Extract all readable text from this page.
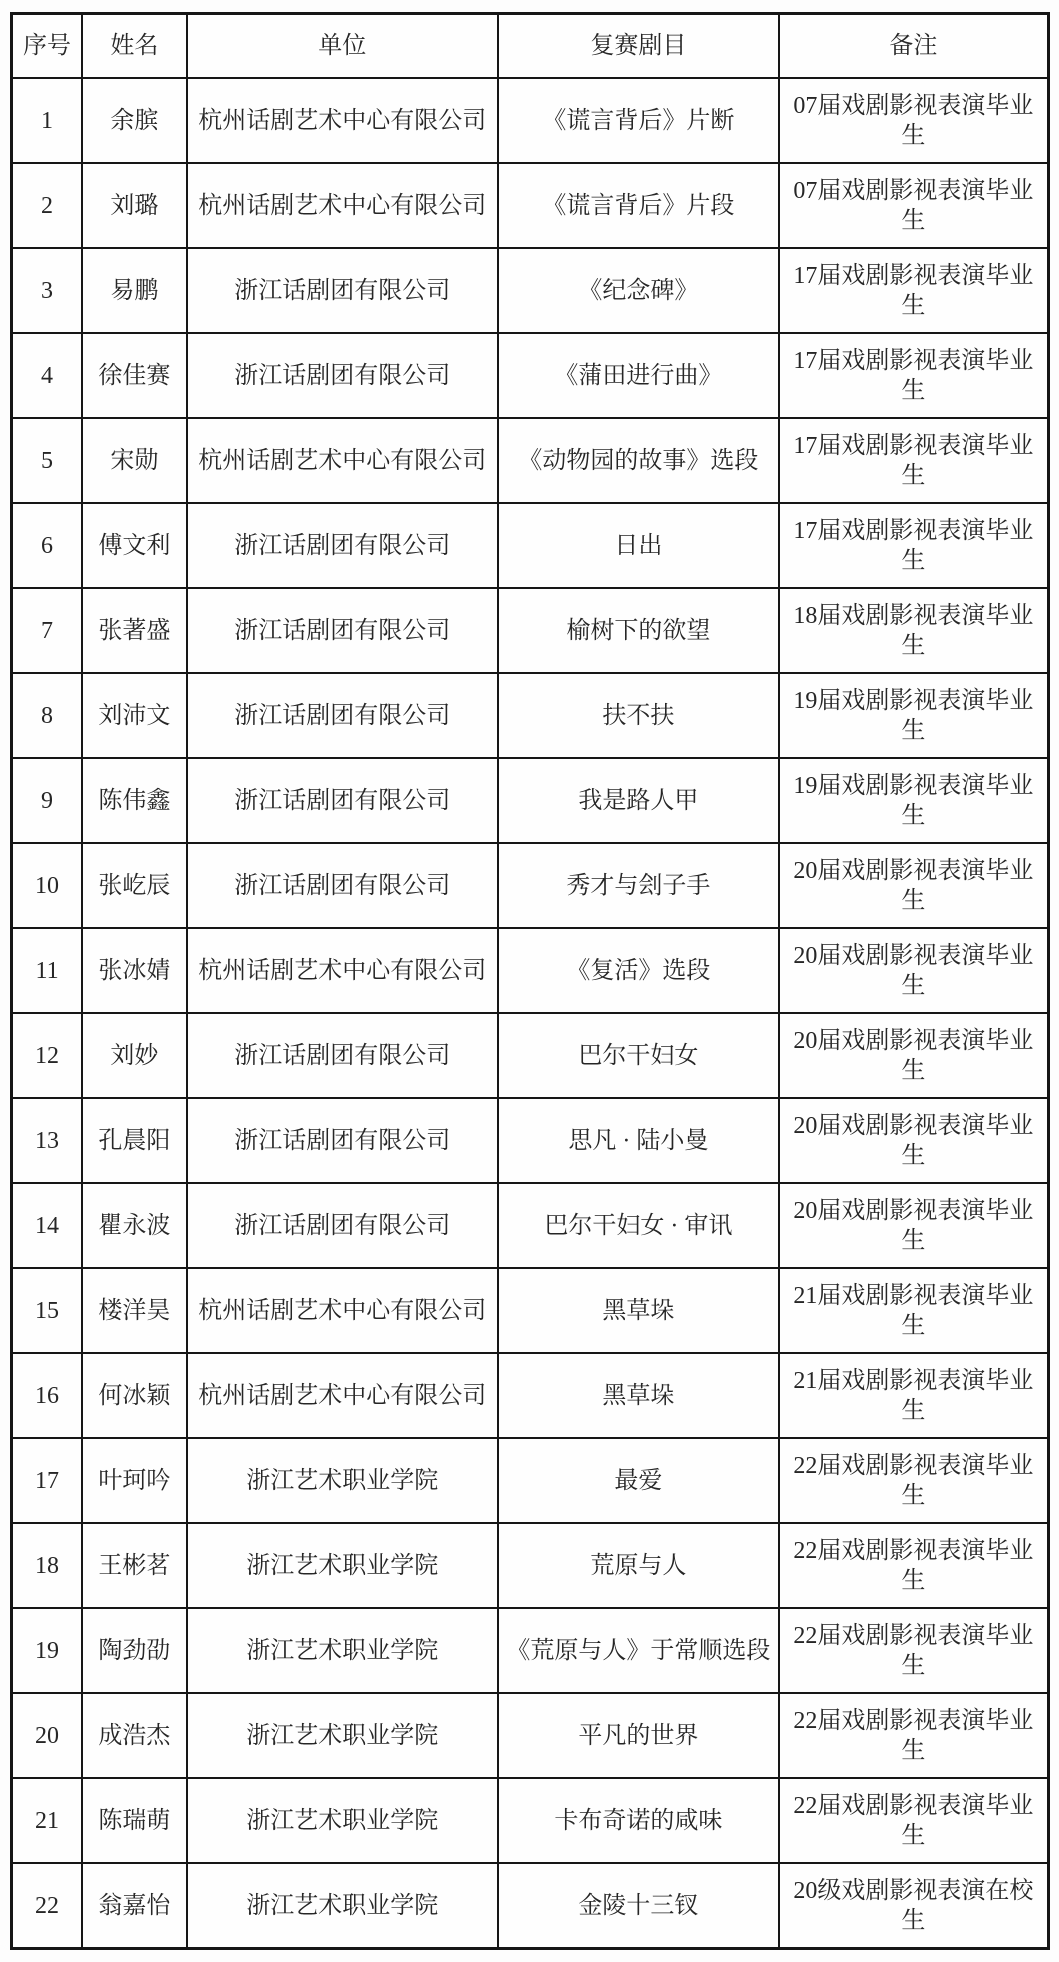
序号	姓名	单位	复赛剧目	备注
1	余膑	杭州话剧艺术中心有限公司	《谎言背后》片断	07届戏剧影视表演毕业生
2	刘璐	杭州话剧艺术中心有限公司	《谎言背后》片段	07届戏剧影视表演毕业生
3	易鹏	浙江话剧团有限公司	《纪念碑》	17届戏剧影视表演毕业生
4	徐佳赛	浙江话剧团有限公司	《蒲田进行曲》	17届戏剧影视表演毕业生
5	宋勋	杭州话剧艺术中心有限公司	《动物园的故事》选段	17届戏剧影视表演毕业生
6	傅文利	浙江话剧团有限公司	日出	17届戏剧影视表演毕业生
7	张著盛	浙江话剧团有限公司	榆树下的欲望	18届戏剧影视表演毕业生
8	刘沛文	浙江话剧团有限公司	扶不扶	19届戏剧影视表演毕业生
9	陈伟鑫	浙江话剧团有限公司	我是路人甲	19届戏剧影视表演毕业生
10	张屹辰	浙江话剧团有限公司	秀才与刽子手	20届戏剧影视表演毕业生
11	张冰婧	杭州话剧艺术中心有限公司	《复活》选段	20届戏剧影视表演毕业生
12	刘妙	浙江话剧团有限公司	巴尔干妇女	20届戏剧影视表演毕业生
13	孔晨阳	浙江话剧团有限公司	思凡 · 陆小曼	20届戏剧影视表演毕业生
14	瞿永波	浙江话剧团有限公司	巴尔干妇女 · 审讯	20届戏剧影视表演毕业生
15	楼洋昊	杭州话剧艺术中心有限公司	黑草垛	21届戏剧影视表演毕业生
16	何冰颖	杭州话剧艺术中心有限公司	黑草垛	21届戏剧影视表演毕业生
17	叶珂吟	浙江艺术职业学院	最爱	22届戏剧影视表演毕业生
18	王彬茗	浙江艺术职业学院	荒原与人	22届戏剧影视表演毕业生
19	陶劲劭	浙江艺术职业学院	《荒原与人》于常顺选段	22届戏剧影视表演毕业生
20	成浩杰	浙江艺术职业学院	平凡的世界	22届戏剧影视表演毕业生
21	陈瑞萌	浙江艺术职业学院	卡布奇诺的咸味	22届戏剧影视表演毕业生
22	翁嘉怡	浙江艺术职业学院	金陵十三钗	20级戏剧影视表演在校生
